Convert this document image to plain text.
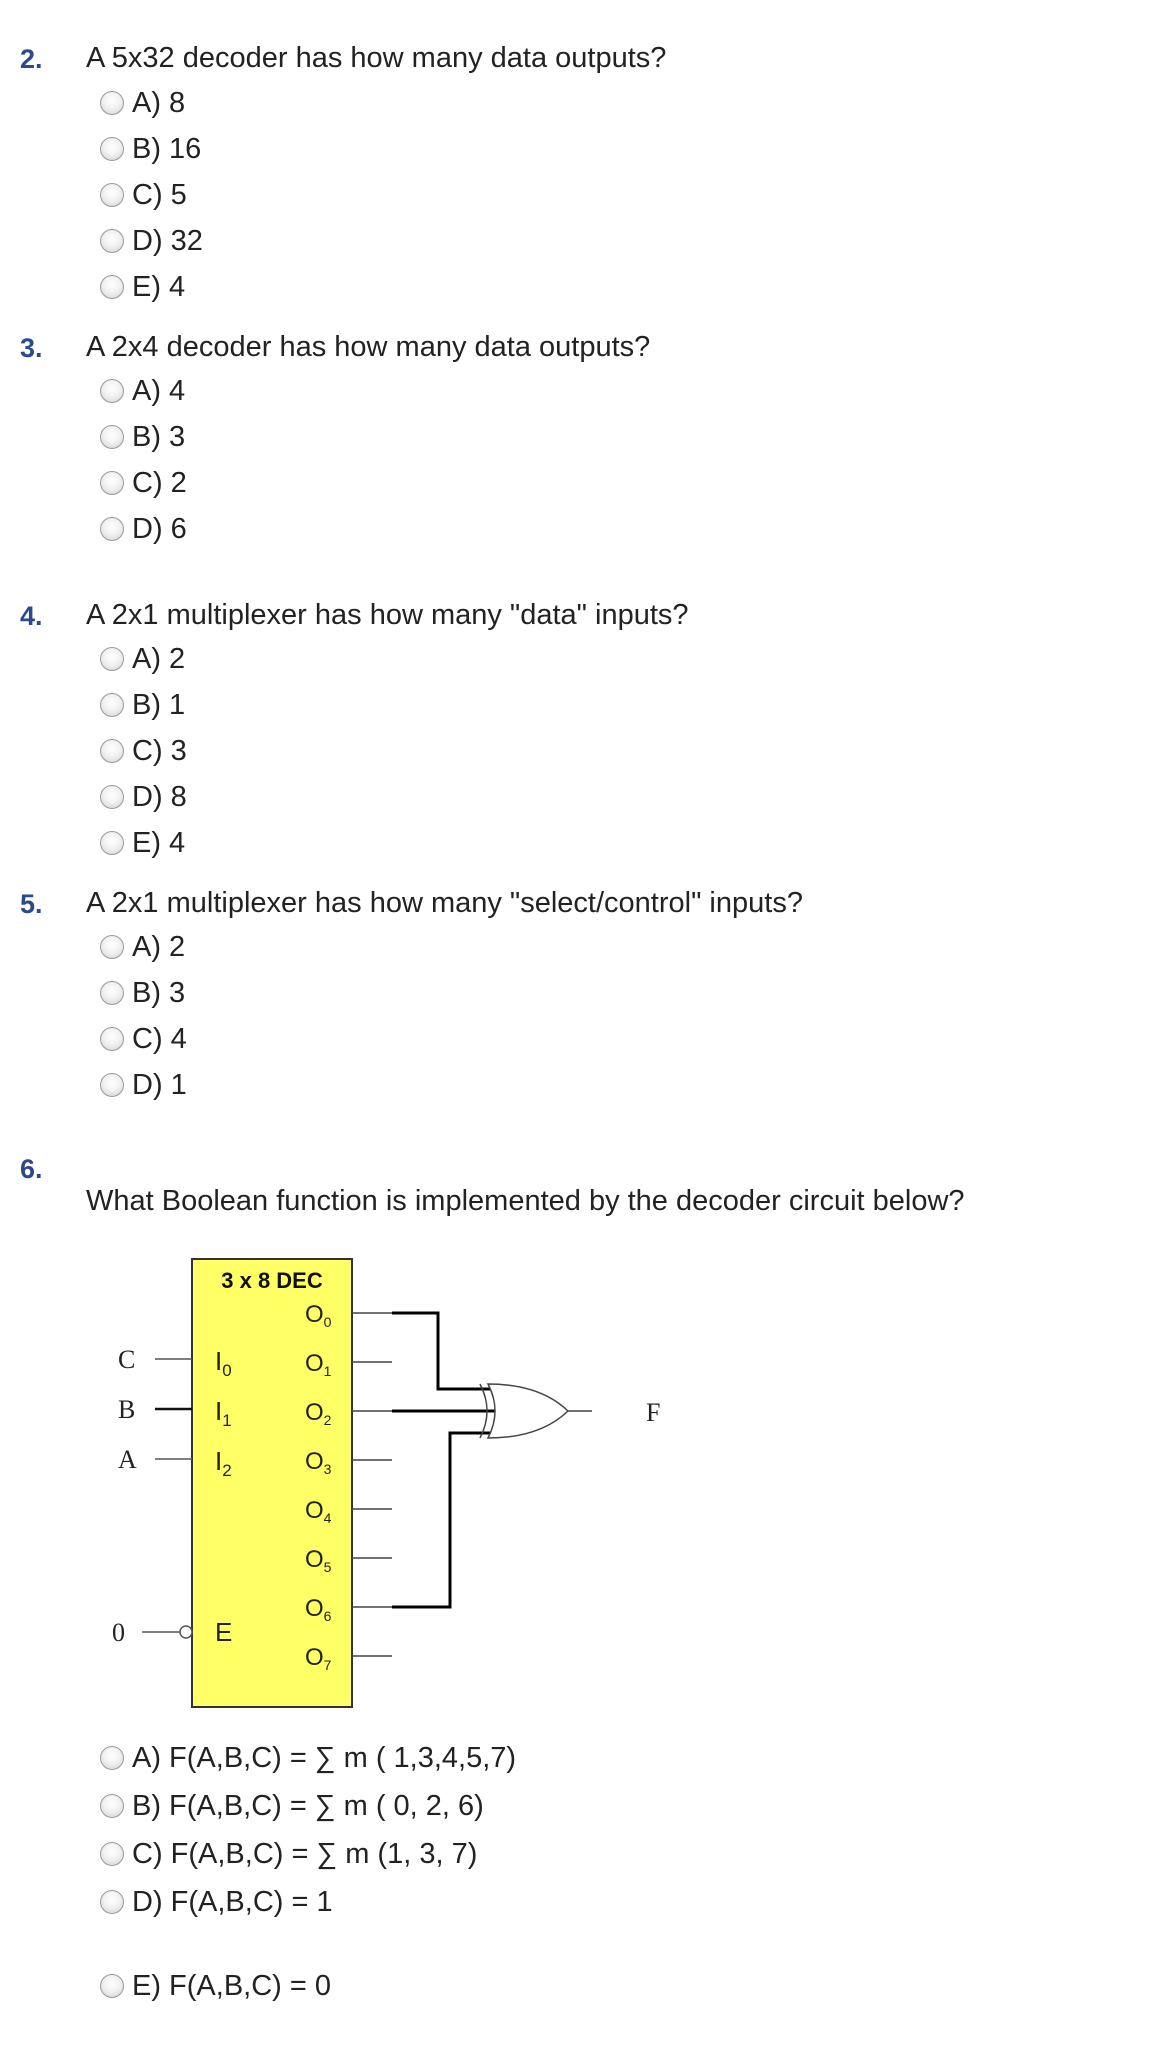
2. A 5x32 decoder has how many data outputs?
A) 8
B) 16
C) 5
D) 32
E) 4
3. A 2x4 decoder has how many data outputs?
A) 4
B) 3
C) 2
D) 6
4. A 2x1 multiplexer has how many "data" inputs?
A) 2
B) 1
C) 3
D) 8
E) 4
5. A 2x1 multiplexer has how many "select/control" inputs?
A) 2
B) 3
C) 4
D) 1
6.
What Boolean function is implemented by the decoder circuit below?
3 x 8 DEC
C
B
A
$I_0$
$I_1$
$I_2$
0	E
$O_0$
$O_1$
$O_2$
$O_3$
$O_4$
$O_5$
$O_6$
$O_7$
F
A) F(A,B,C) = ∑ m ( 1,3,4,5,7)
B) F(A,B,C) = ∑ m ( 0, 2, 6)
C) F(A,B,C) = ∑ m (1, 3, 7)
D) F(A,B,C) = 1
E) F(A,B,C) = 0
